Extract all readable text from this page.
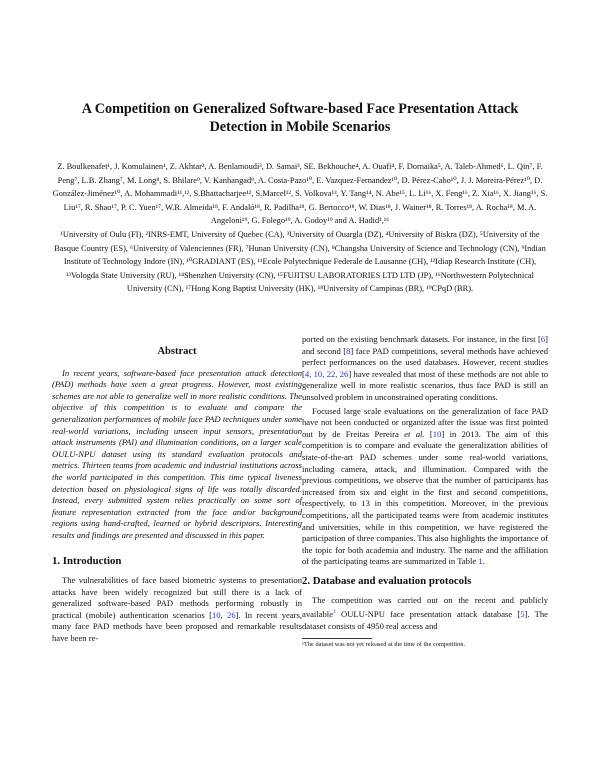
A Competition on Generalized Software-based Face Presentation Attack Detection in Mobile Scenarios
Z. Boulkenafet¹, J. Komulainen¹, Z. Akhtar², A. Benlamoudi³, D. Samai³, SE. Bekhouche⁴, A. Ouafi⁴, F. Dornaika⁵, A. Taleb-Ahmed⁶, L. Qin⁷, F. Peng⁷, L.B. Zhang⁷, M. Long⁸, S. Bhilare⁹, V. Kanhangad⁹, A. Costa-Pazo¹⁰, E. Vazquez-Fernandez¹⁰, D. Pérez-Cabo¹⁰, J. J. Moreira-Pérez¹⁰, D. González-Jiménez¹⁰, A. Mohammadi¹¹,¹², S.Bhattacharjee¹², S.Marcel¹², S. Volkova¹³, Y. Tang¹⁴, N. Abe¹⁵, L. Li¹⁶, X. Feng¹⁶, Z. Xia¹⁶, X. Jiang¹⁶, S. Liu¹⁷, R. Shao¹⁷, P. C. Yuen¹⁷, W.R. Almeida¹⁸, F. Andaló¹⁸, R. Padilha¹⁸, G. Bertocco¹⁸, W. Dias¹⁸, J. Wainer¹⁸, R. Torres¹⁸, A. Rocha¹⁸, M. A. Angeloni¹⁹, G. Folego¹⁹, A. Godoy¹⁹ and A. Hadid¹,¹⁶
¹University of Oulu (FI), ²INRS-EMT, University of Quebec (CA), ³University of Ouargla (DZ), ⁴University of Biskra (DZ), ⁵University of the Basque Country (ES), ⁶University of Valenciennes (FR), ⁷Hunan University (CN), ⁸Changsha University of Science and Technology (CN), ⁹Indian Institute of Technology Indore (IN), ¹⁰GRADIANT (ES), ¹¹Ecole Polytechnique Federale de Lausanne (CH), ¹²Idiap Research Institute (CH), ¹³Vologda State University (RU), ¹⁴Shenzhen University (CN), ¹⁵FUJITSU LABORATORIES LTD LTD (JP), ¹⁶Northwestern Polytechnical University (CN), ¹⁷Hong Kong Baptist University (HK), ¹⁸University of Campinas (BR), ¹⁹CPqD (BR).
Abstract

In recent years, software-based face presentation attack detection (PAD) methods have seen a great progress. However, most existing schemes are not able to generalize well in more realistic conditions. The objective of this competition is to evaluate and compare the generalization performances of mobile face PAD techniques under some real-world variations, including unseen input sensors, presentation attack instruments (PAI) and illumination conditions, on a larger scale OULU-NPU dataset using its standard evaluation protocols and metrics. Thirteen teams from academic and industrial institutions across the world participated in this competition. This time typical liveness detection based on physiological signs of life was totally discarded. Instead, every submitted system relies practically on some sort of feature representation extracted from the face and/or background regions using hand-crafted, learned or hybrid descriptors. Interesting results and findings are presented and discussed in this paper.

1. Introduction

The vulnerabilities of face based biometric systems to presentation attacks have been widely recognized but still there is a lack of generalized software-based PAD methods performing robustly in practical (mobile) authentication scenarios [10, 26]. In recent years, many face PAD methods have been proposed and remarkable results have been re-

ported on the existing benchmark datasets. For instance, in the first [6] and second [8] face PAD competitions, several methods have achieved perfect performances on the used databases. However, recent studies [4, 10, 22, 26] have revealed that most of these methods are not able to generalize well in more realistic scenarios, thus face PAD is still an unsolved problem in unconstrained operating conditions.

Focused large scale evaluations on the generalization of face PAD have not been conducted or organized after the issue was first pointed out by de Freitas Pereira et al. [10] in 2013. The aim of this competition is to compare and evaluate the generalization abilities of state-of-the-art PAD schemes under some real-world variations, including camera, attack, and illumination. Compared with the previous competitions, we observe that the number of participants has increased from six and eight in the first and second competitions, respectively, to 13 in this competition. Moreover, in the previous competitions, all the participated teams were from academic institutes and universities, while in this competition, we have registered the participation of three companies. This also highlights the importance of the topic for both academia and industry. The name and the affiliation of the participating teams are summarized in Table 1.

2. Database and evaluation protocols

The competition was carried out on the recent and publicly available$^1$ OULU-NPU face presentation attack database [5]. The dataset consists of 4950 real access and

¹The dataset was not yet released at the time of the competition.
